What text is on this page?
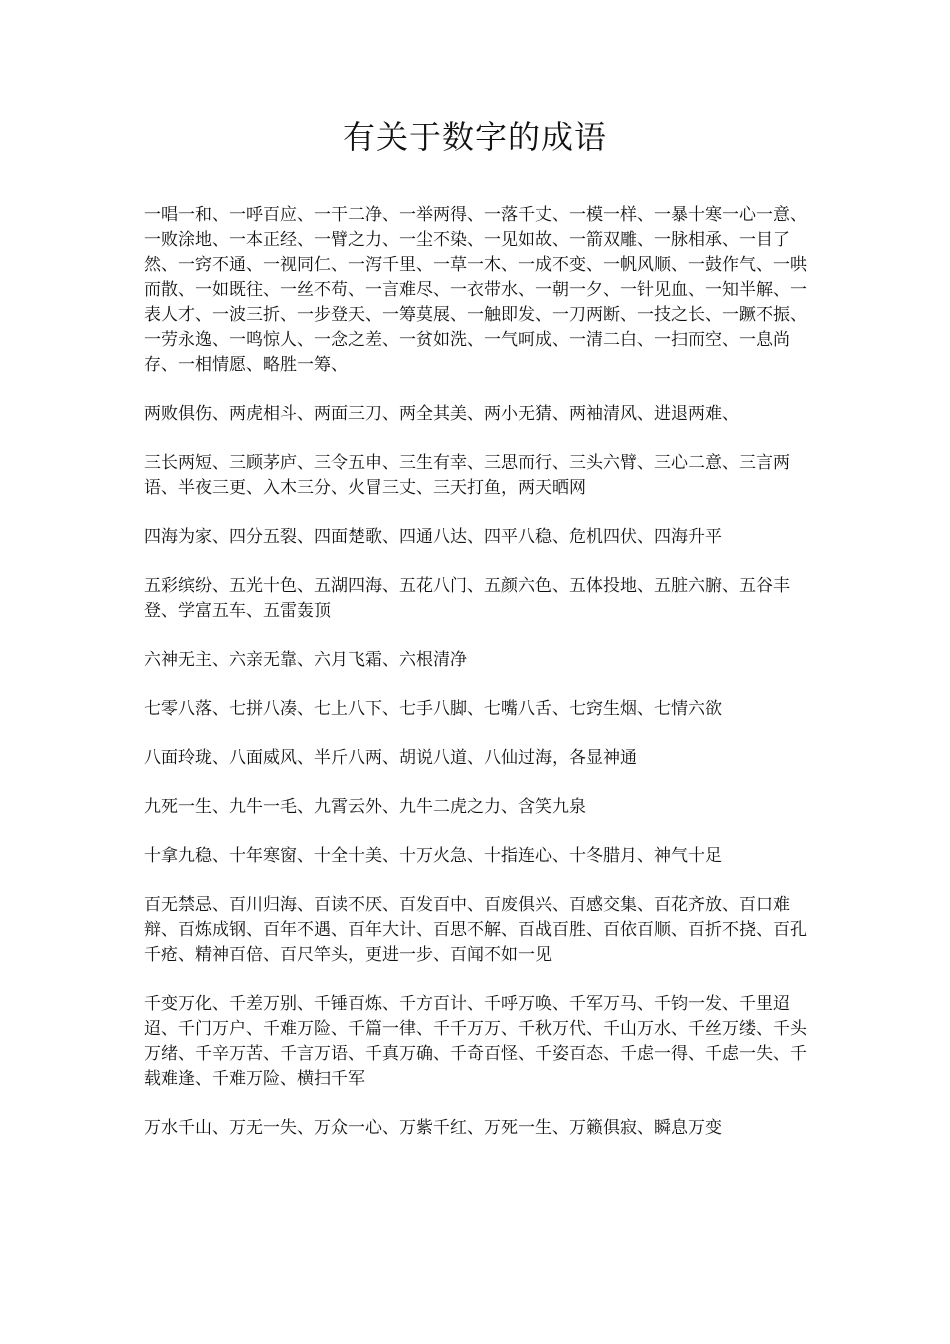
有关于数字的成语

一唱一和、一呼百应、一干二净、一举两得、一落千丈、一模一样、一暴十寒一心一意、一败涂地、一本正经、一臂之力、一尘不染、一见如故、一箭双雕、一脉相承、一目了然、一窍不通、一视同仁、一泻千里、一草一木、一成不变、一帆风顺、一鼓作气、一哄而散、一如既往、一丝不苟、一言难尽、一衣带水、一朝一夕、一针见血、一知半解、一表人才、一波三折、一步登天、一筹莫展、一触即发、一刀两断、一技之长、一蹶不振、一劳永逸、一鸣惊人、一念之差、一贫如洗、一气呵成、一清二白、一扫而空、一息尚存、一相情愿、略胜一筹、

两败俱伤、两虎相斗、两面三刀、两全其美、两小无猜、两袖清风、进退两难、

三长两短、三顾茅庐、三令五申、三生有幸、三思而行、三头六臂、三心二意、三言两语、半夜三更、入木三分、火冒三丈、三天打鱼，两天晒网

四海为家、四分五裂、四面楚歌、四通八达、四平八稳、危机四伏、四海升平

五彩缤纷、五光十色、五湖四海、五花八门、五颜六色、五体投地、五脏六腑、五谷丰登、学富五车、五雷轰顶

六神无主、六亲无靠、六月飞霜、六根清净

七零八落、七拼八凑、七上八下、七手八脚、七嘴八舌、七窍生烟、七情六欲

八面玲珑、八面威风、半斤八两、胡说八道、八仙过海，各显神通

九死一生、九牛一毛、九霄云外、九牛二虎之力、含笑九泉

十拿九稳、十年寒窗、十全十美、十万火急、十指连心、十冬腊月、神气十足

百无禁忌、百川归海、百读不厌、百发百中、百废俱兴、百感交集、百花齐放、百口难辩、百炼成钢、百年不遇、百年大计、百思不解、百战百胜、百依百顺、百折不挠、百孔千疮、精神百倍、百尺竿头，更进一步、百闻不如一见

千变万化、千差万别、千锤百炼、千方百计、千呼万唤、千军万马、千钧一发、千里迢迢、千门万户、千难万险、千篇一律、千千万万、千秋万代、千山万水、千丝万缕、千头万绪、千辛万苦、千言万语、千真万确、千奇百怪、千姿百态、千虑一得、千虑一失、千载难逢、千难万险、横扫千军

万水千山、万无一失、万众一心、万紫千红、万死一生、万籁俱寂、瞬息万变
